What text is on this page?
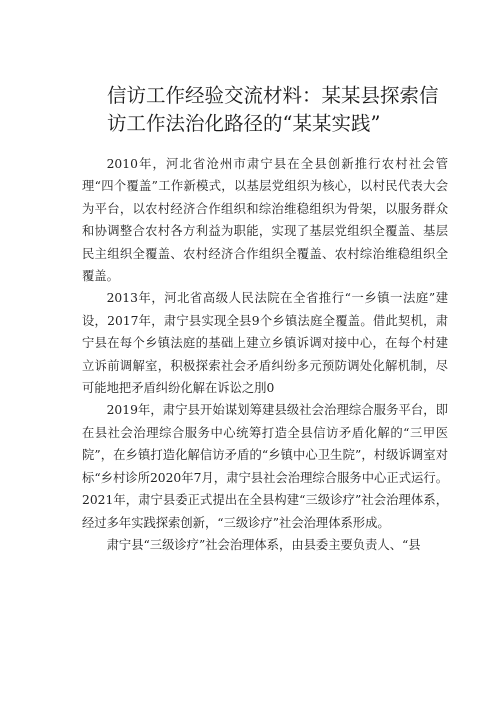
信访工作经验交流材料：某某县探索信访工作法治化路径的“某某实践”

2010年，河北省沧州市肃宁县在全县创新推行农村社会管理“四个覆盖”工作新模式，以基层党组织为核心，以村民代表大会为平台，以农村经济合作组织和综治维稳组织为骨架，以服务群众和协调整合农村各方利益为职能，实现了基层党组织全覆盖、基层民主组织全覆盖、农村经济合作组织全覆盖、农村综治维稳组织全覆盖。

2013年，河北省高级人民法院在全省推行“一乡镇一法庭”建设，2017年，肃宁县实现全县9个乡镇法庭全覆盖。借此契机，肃宁县在每个乡镇法庭的基础上建立乡镇诉调对接中心，在每个村建立诉前调解室，积极探索社会矛盾纠纷多元预防调处化解机制，尽可能地把矛盾纠纷化解在诉讼之刖0

2019年，肃宁县开始谋划筹建县级社会治理综合服务平台，即在县社会治理综合服务中心统筹打造全县信访矛盾化解的“三甲医院”，在乡镇打造化解信访矛盾的“乡镇中心卫生院”，村级诉调室对标“乡村诊所2020年7月，肃宁县社会治理综合服务中心正式运行。2021年，肃宁县委正式提出在全县构建“三级诊疗”社会治理体系，经过多年实践探索创新，“三级诊疗”社会治理体系形成。

肃宁县“三级诊疗”社会治理体系，由县委主要负责人、“县
